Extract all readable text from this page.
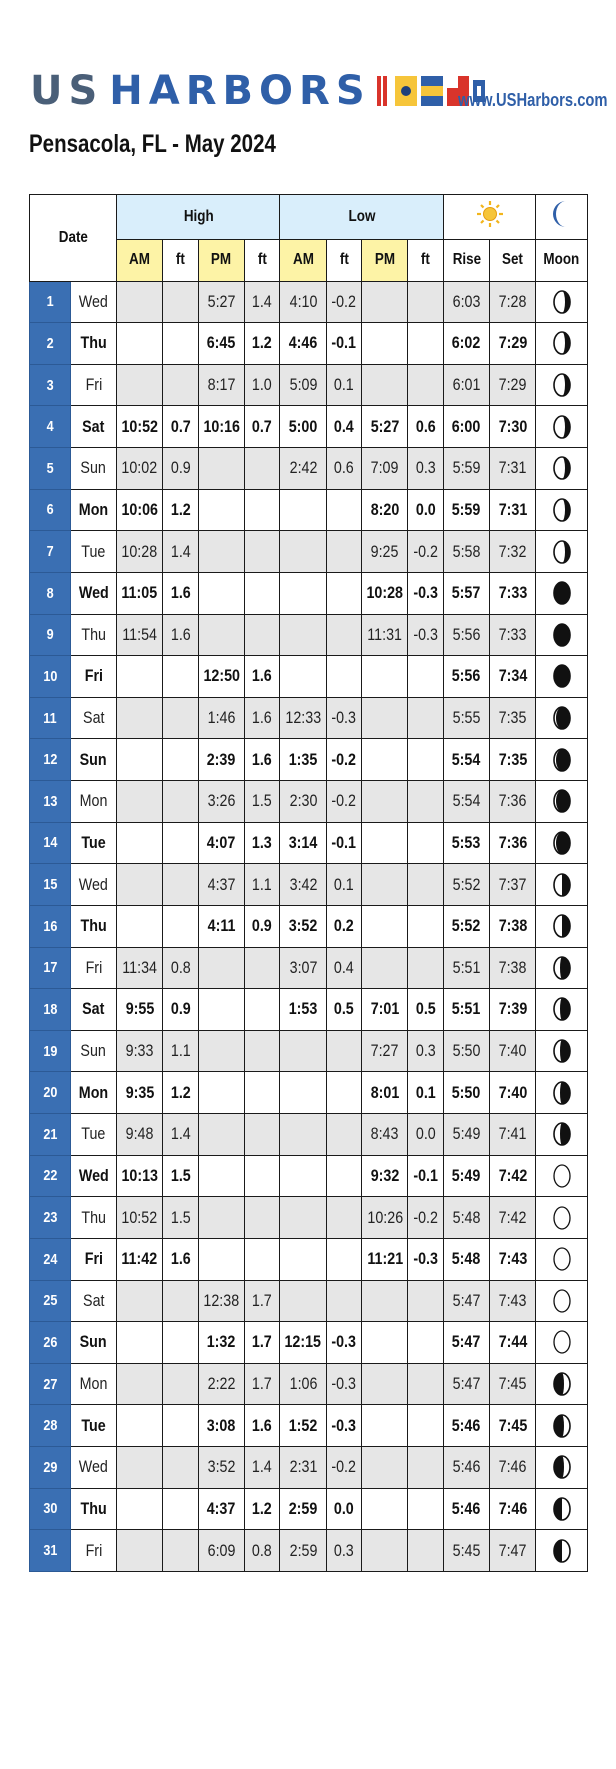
US HARBORS	www.USHarbors.com
Pensacola, FL - May 2024
Date		High				Low		
		AM	ft	PM	ft	AM	ft	PM	ft	Rise	Set	Moon
1	Wed			5:27	1.4	4:10	-0.2			6:03	7:28	

2	Thu			6:45	1.2	4:46	-0.1			6:02	7:29	

3	Fri			8:17	1.0	5:09	0.1			6:01	7:29	

4	Sat	10:52	0.7	10:16	0.7	5:00	0.4	5:27	0.6	6:00	7:30	

5	Sun	10:02	0.9			2:42	0.6	7:09	0.3	5:59	7:31	

6	Mon	10:06	1.2					8:20	0.0	5:59	7:31	

7	Tue	10:28	1.4					9:25	-0.2	5:58	7:32	

8	Wed	11:05	1.6					10:28	-0.3	5:57	7:33	

9	Thu	11:54	1.6					11:31	-0.3	5:56	7:33	

10	Fri			12:50	1.6					5:56	7:34	

11	Sat			1:46	1.6	12:33	-0.3			5:55	7:35	

12	Sun			2:39	1.6	1:35	-0.2			5:54	7:35	

13	Mon			3:26	1.5	2:30	-0.2			5:54	7:36	

14	Tue			4:07	1.3	3:14	-0.1			5:53	7:36	

15	Wed			4:37	1.1	3:42	0.1			5:52	7:37	

16	Thu			4:11	0.9	3:52	0.2			5:52	7:38	

17	Fri	11:34	0.8			3:07	0.4			5:51	7:38	

18	Sat	9:55	0.9			1:53	0.5	7:01	0.5	5:51	7:39	

19	Sun	9:33	1.1					7:27	0.3	5:50	7:40	

20	Mon	9:35	1.2					8:01	0.1	5:50	7:40	

21	Tue	9:48	1.4					8:43	0.0	5:49	7:41	

22	Wed	10:13	1.5					9:32	-0.1	5:49	7:42	

23	Thu	10:52	1.5					10:26	-0.2	5:48	7:42	

24	Fri	11:42	1.6					11:21	-0.3	5:48	7:43	

25	Sat			12:38	1.7					5:47	7:43	

26	Sun			1:32	1.7	12:15	-0.3			5:47	7:44	

27	Mon			2:22	1.7	1:06	-0.3			5:47	7:45	

28	Tue			3:08	1.6	1:52	-0.3			5:46	7:45	

29	Wed			3:52	1.4	2:31	-0.2			5:46	7:46	

30	Thu			4:37	1.2	2:59	0.0			5:46	7:46	

31	Fri			6:09	0.8	2:59	0.3			5:45	7:47	
